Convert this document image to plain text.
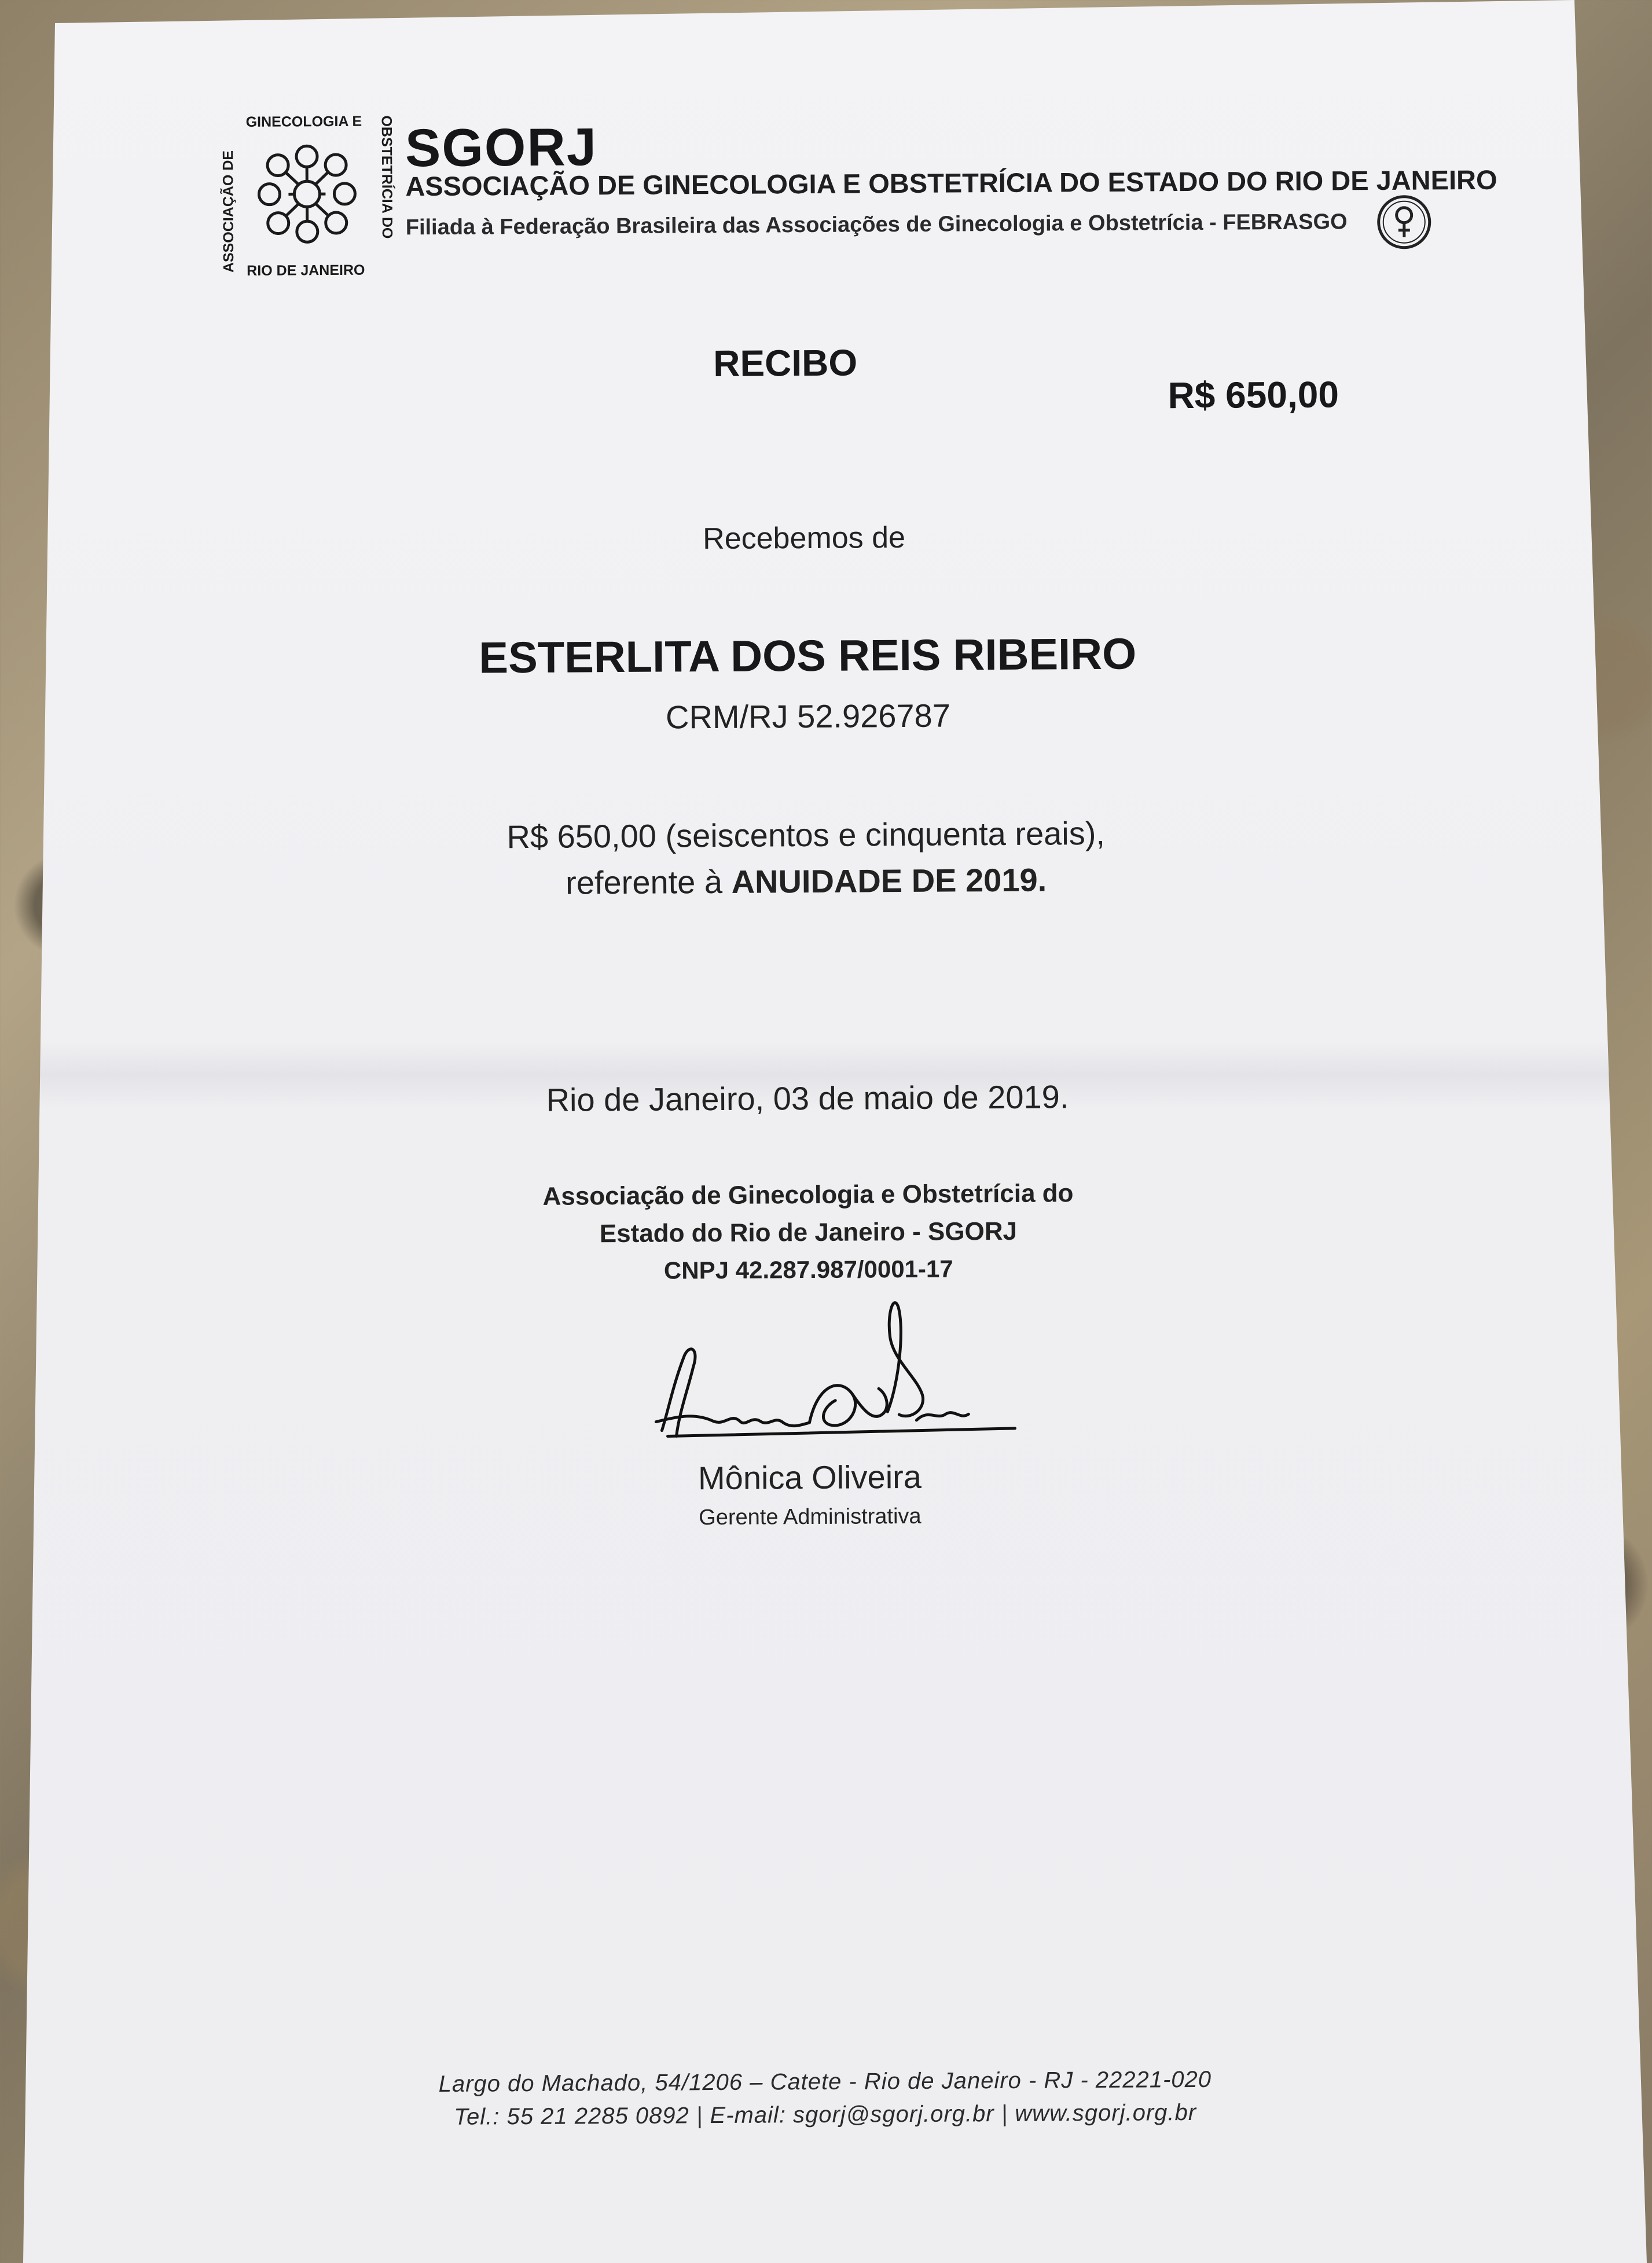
GINECOLOGIA E
RIO DE JANEIRO
ASSOCIAÇÃO DE	OBSTETRÍCIA DO SGORJ
ASSOCIAÇÃO DE GINECOLOGIA E OBSTETRÍCIA DO ESTADO DO RIO DE JANEIRO
Filiada à Federação Brasileira das Associações de Ginecologia e Obstetrícia - FEBRASGO
RECIBO
R$ 650,00
Recebemos de
ESTERLITA DOS REIS RIBEIRO
CRM/RJ 52.926787
R$ 650,00 (seiscentos e cinquenta reais),
referente à ANUIDADE DE 2019.
Rio de Janeiro, 03 de maio de 2019.
Associação de Ginecologia e Obstetrícia do
Estado do Rio de Janeiro - SGORJ
CNPJ 42.287.987/0001-17
Mônica Oliveira
Gerente Administrativa
Largo do Machado, 54/1206 – Catete - Rio de Janeiro - RJ - 22221-020
Tel.: 55 21 2285 0892 | E-mail: sgorj@sgorj.org.br | www.sgorj.org.br
